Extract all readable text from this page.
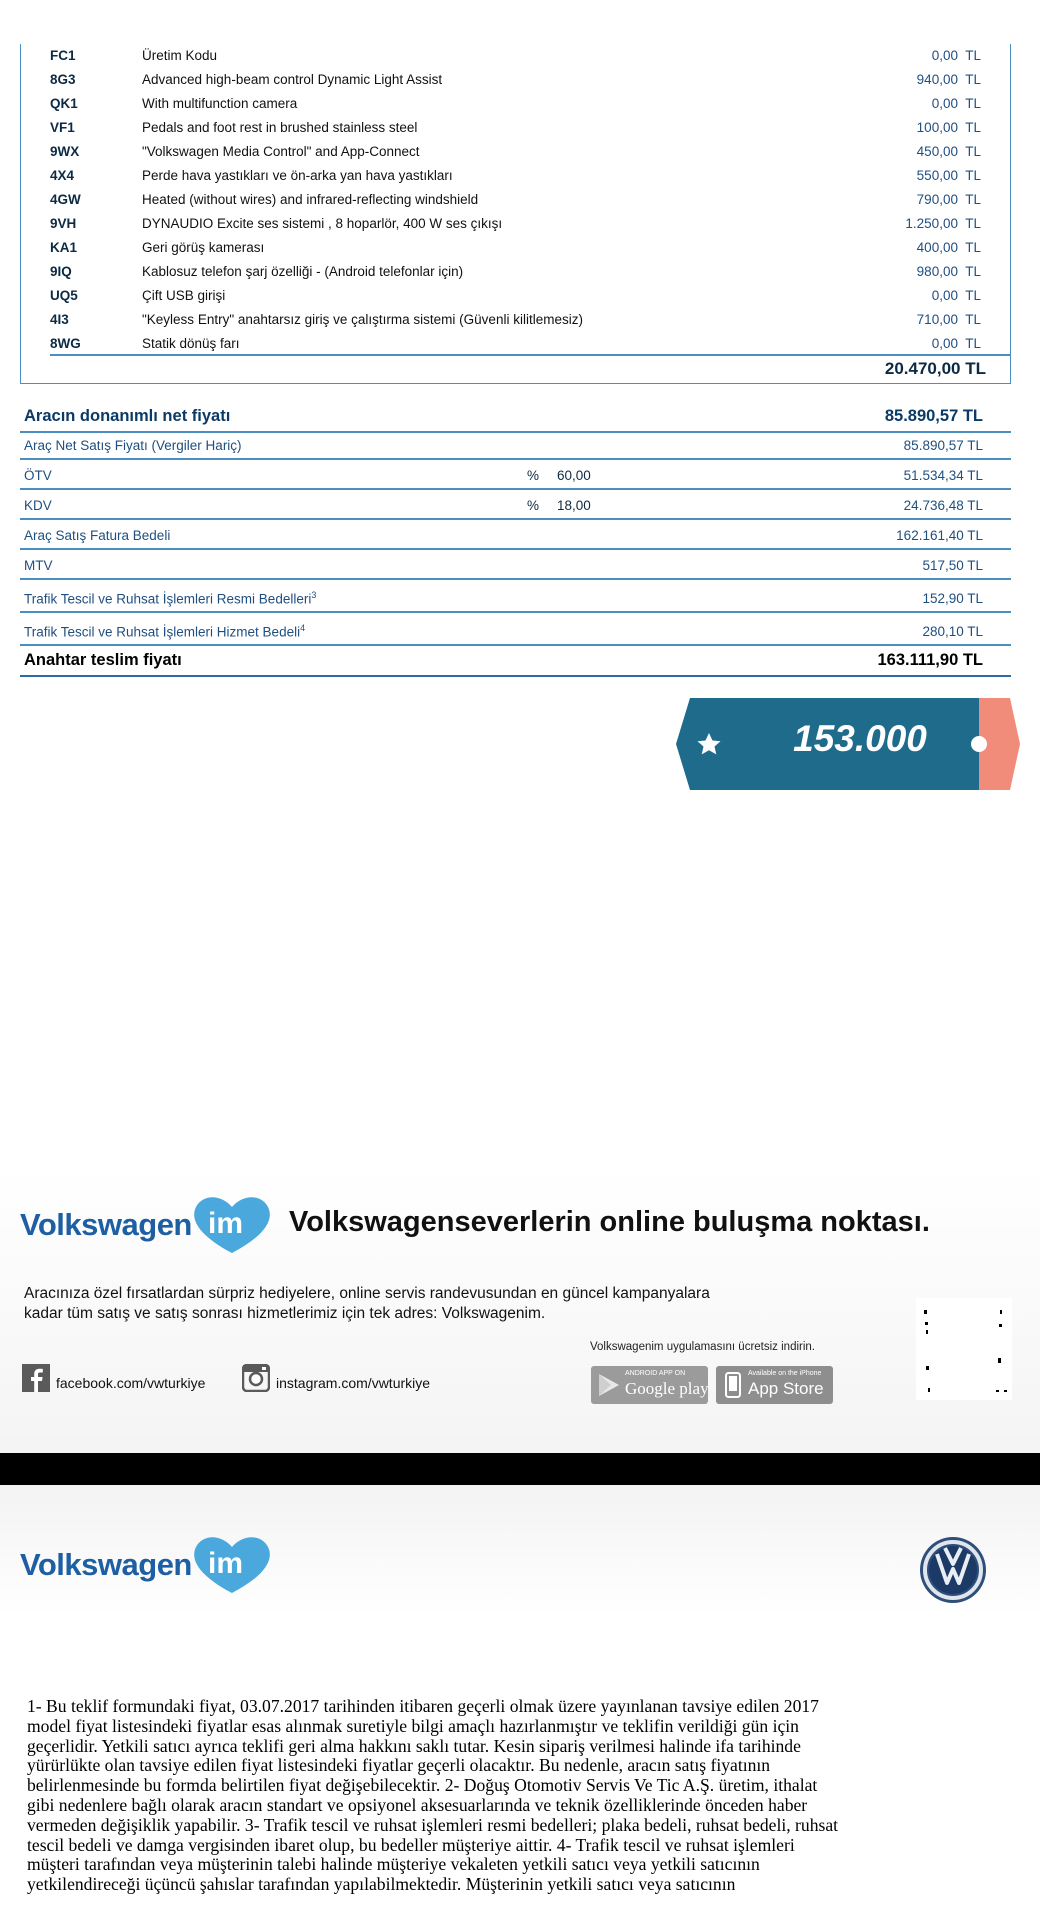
FC1	Üretim Kodu	0,00 TL
8G3	Advanced high-beam control Dynamic Light Assist	940,00 TL
QK1	With multifunction camera	0,00 TL
VF1	Pedals and foot rest in brushed stainless steel	100,00 TL
9WX	"Volkswagen Media Control" and App-Connect	450,00 TL
4X4	Perde hava yastıkları ve ön-arka yan hava yastıkları	550,00 TL
4GW	Heated (without wires) and infrared-reflecting windshield	790,00 TL
9VH	DYNAUDIO Excite ses sistemi , 8 hoparlör, 400 W ses çıkışı	1.250,00 TL
KA1	Geri görüş kamerası	400,00 TL
9IQ	Kablosuz telefon şarj özelliği - (Android telefonlar için)	980,00 TL
UQ5	Çift USB girişi	0,00 TL
4I3	"Keyless Entry" anahtarsız giriş ve çalıştırma sistemi (Güvenli kilitlemesiz)	710,00 TL
8WG	Statik dönüş farı	0,00 TL
20.470,00 TL
Aracın donanımlı net fiyatı	85.890,57 TL
Araç Net Satış Fiyatı (Vergiler Hariç)	85.890,57 TL
ÖTV	% 60,00	51.534,34 TL
KDV	% 18,00	24.736,48 TL
Araç Satış Fatura Bedeli	162.161,40 TL
MTV	517,50 TL
Trafik Tescil ve Ruhsat İşlemleri Resmi Bedelleri$^3$	152,90 TL
Trafik Tescil ve Ruhsat İşlemleri Hizmet Bedeli$^4$	280,10 TL
Anahtar teslim fiyatı	163.111,90 TL
153.000
Volkswagen im Volkswagenseverlerin online buluşma noktası.
Aracınıza özel fırsatlardan sürpriz hediyelere, online servis randevusundan en güncel kampanyalara
kadar tüm satış ve satış sonrası hizmetlerimiz için tek adres: Volkswagenim.
Volkswagenim uygulamasını ücretsiz indirin.
facebook.com/vwturkiye	instagram.com/vwturkiye
ANDROID APP ON
Google play
Available on the iPhone
App Store
Volkswagen im
1- Bu teklif formundaki fiyat, 03.07.2017 tarihinden itibaren geçerli olmak üzere yayınlanan tavsiye edilen 2017
model fiyat listesindeki fiyatlar esas alınmak suretiyle bilgi amaçlı hazırlanmıştır ve teklifin verildiği gün için
geçerlidir. Yetkili satıcı ayrıca teklifi geri alma hakkını saklı tutar. Kesin sipariş verilmesi halinde ifa tarihinde
yürürlükte olan tavsiye edilen fiyat listesindeki fiyatlar geçerli olacaktır. Bu nedenle, aracın satış fiyatının
belirlenmesinde bu formda belirtilen fiyat değişebilecektir. 2- Doğuş Otomotiv Servis Ve Tic A.Ş. üretim, ithalat
gibi nedenlere bağlı olarak aracın standart ve opsiyonel aksesuarlarında ve teknik özelliklerinde önceden haber
vermeden değişiklik yapabilir. 3- Trafik tescil ve ruhsat işlemleri resmi bedelleri; plaka bedeli, ruhsat bedeli, ruhsat
tescil bedeli ve damga vergisinden ibaret olup, bu bedeller müşteriye aittir. 4- Trafik tescil ve ruhsat işlemleri
müşteri tarafından veya müşterinin talebi halinde müşteriye vekaleten yetkili satıcı veya yetkili satıcının
yetkilendireceği üçüncü şahıslar tarafından yapılabilmektedir. Müşterinin yetkili satıcı veya satıcının
